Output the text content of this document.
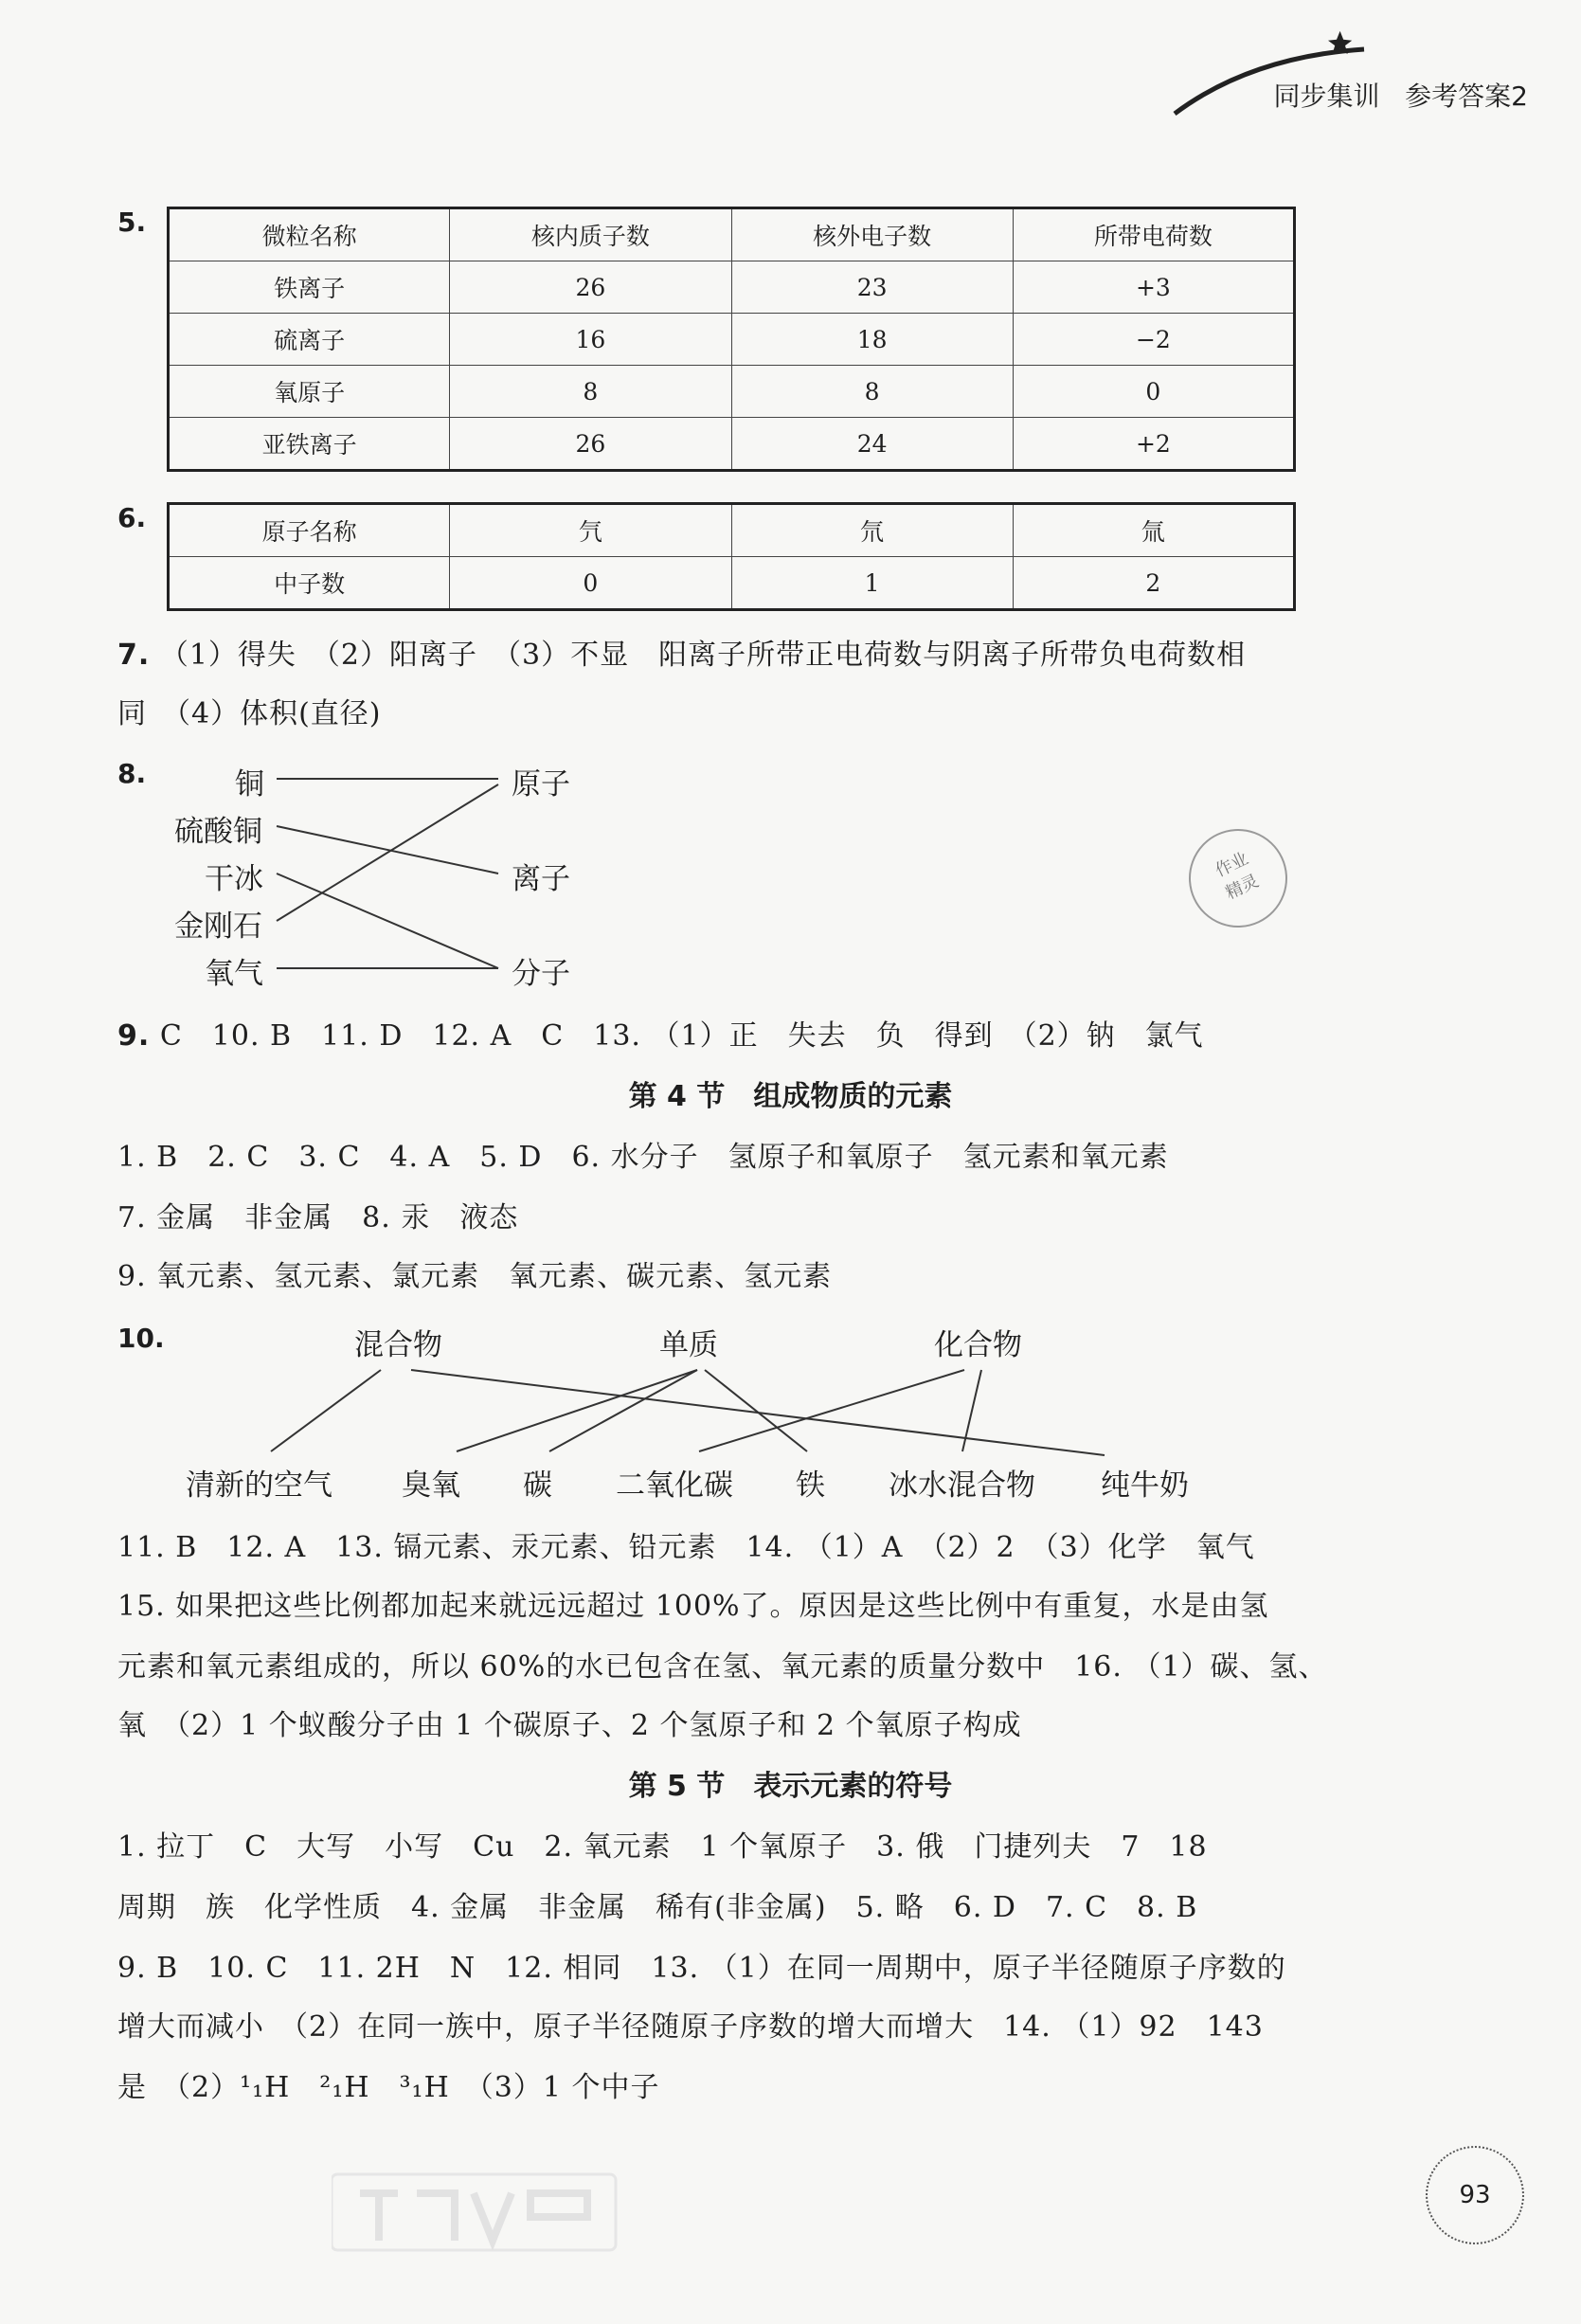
同步集训 参考答案2
5.	微粒名称	核内质子数	核外电子数	所带电荷数
铁离子	26	23	+3
硫离子	16	18	−2
氧原子	8	8	0
亚铁离子	26	24	+2
6.	原子名称	氕	氘	氚
中子数	0	1	2
7. （1）得失　（2）阳离子　（3）不显　阳离子所带正电荷数与阴离子所带负电荷数相
同　（4）体积(直径)
8.	铜
硫酸铜
干冰
金刚石
氧气
原子
离子
分子
作业
精灵
9. C　10. B　11. D　12. A　C　13. （1）正　失去　负　得到　（2）钠　氯气
第 4 节　组成物质的元素
1. B　2. C　3. C　4. A　5. D　6. 水分子　氢原子和氧原子　氢元素和氧元素
7. 金属　非金属　8. 汞　液态
9. 氧元素、氢元素、氯元素　氧元素、碳元素、氢元素
10.	混合物	单质	化合物
清新的空气 臭氧 碳 二氧化碳 铁 冰水混合物 纯牛奶
11. B　12. A　13. 镉元素、汞元素、铅元素　14. （1）A　（2）2　（3）化学　氧气
15. 如果把这些比例都加起来就远远超过 100%了。原因是这些比例中有重复，水是由氢
元素和氧元素组成的，所以 60%的水已包含在氢、氧元素的质量分数中　16. （1）碳、氢、
氧　（2）1 个蚁酸分子由 1 个碳原子、2 个氢原子和 2 个氧原子构成
第 5 节　表示元素的符号
1. 拉丁　C　大写　小写　Cu　2. 氧元素　1 个氧原子　3. 俄　门捷列夫　7　18
周期　族　化学性质　4. 金属　非金属　稀有(非金属)　5. 略　6. D　7. C　8. B
9. B　10. C　11. 2H　N　12. 相同　13. （1）在同一周期中，原子半径随原子序数的
增大而减小　（2）在同一族中，原子半径随原子序数的增大而增大　14. （1）92　143
是　（2）¹₁H　²₁H　³₁H　（3）1 个中子
93
